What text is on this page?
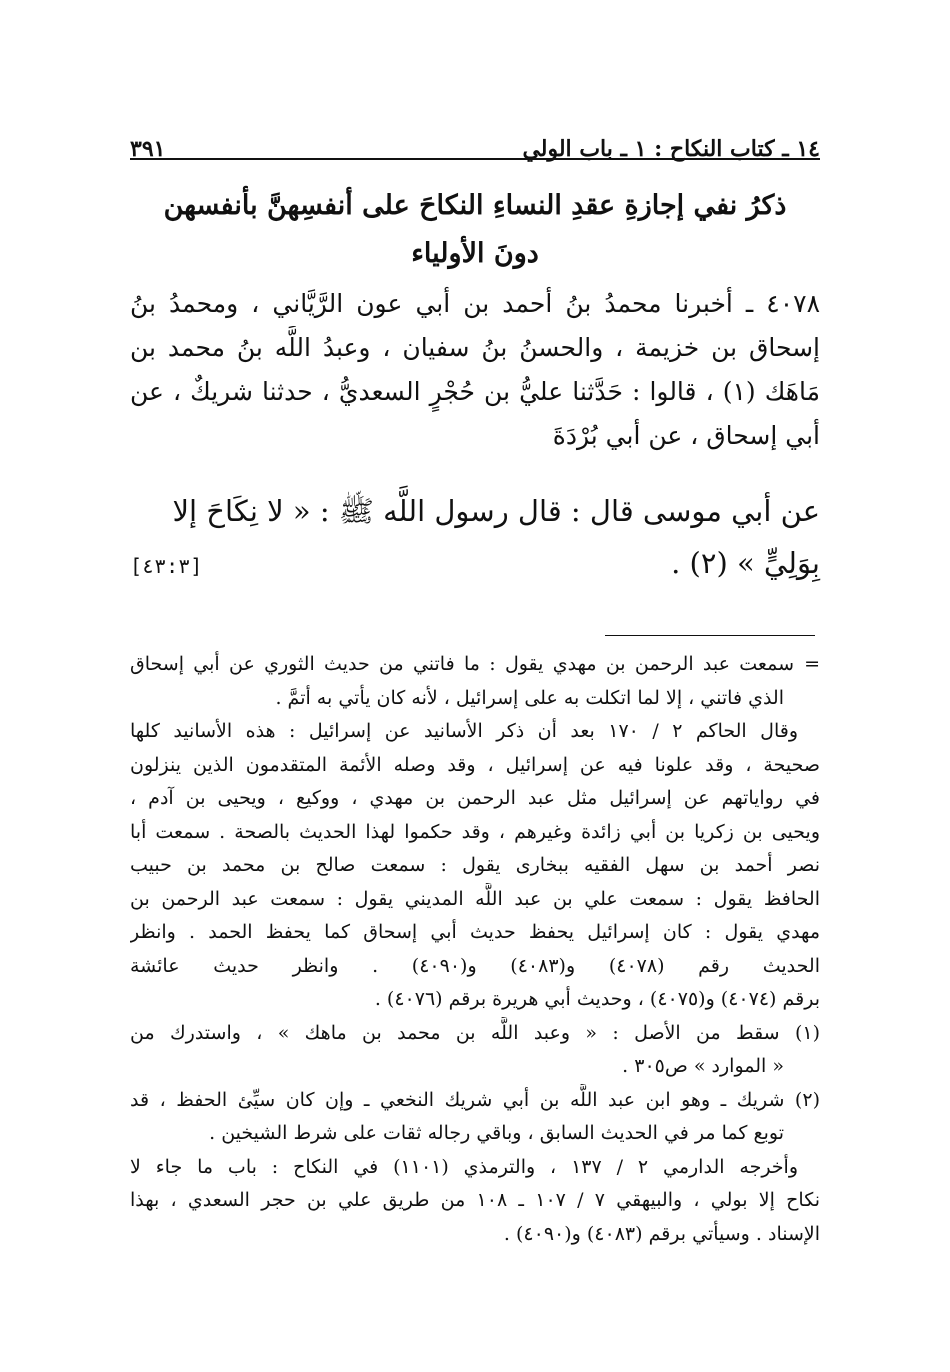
١٤ ـ كتاب النكاح : ١ ـ باب الولي
٣٩١
ذكرُ نفي إجازةِ عقدِ النساءِ النكاحَ على أنفسِهنَّ بأنفسهن
دونَ الأولياء
٤٠٧٨ ـ أخبرنا محمدُ بنُ أحمد بن أبي عون الرَّيَّاني ، ومحمدُ بنُ
إسحاق بن خزيمة ، والحسنُ بنُ سفيان ، وعبدُ اللَّه بنُ محمد بن
مَاهَك (١) ، قالوا : حَدَّثنا عليُّ بن حُجْرٍ السعديُّ ، حدثنا شريكٌ ، عن
أبي إسحاق ، عن أبي بُرْدَةَ
عن أبي موسى قال : قال رسول اللَّه ﷺ : « لا نِكَاحَ إلا
بِوَلِيٍّ » (٢) .
[٤٣:٣]
=سمعت عبد الرحمن بن مهدي يقول : ما فاتني من حديث الثوري عن أبي إسحاق
الذي فاتني ، إلا لما اتكلت به على إسرائيل ، لأنه كان يأتي به أتمَّ .
وقال الحاكم ٢ / ١٧٠ بعد أن ذكر الأسانيد عن إسرائيل : هذه الأسانيد كلها
صحيحة ، وقد علونا فيه عن إسرائيل ، وقد وصله الأئمة المتقدمون الذين ينزلون
في رواياتهم عن إسرائيل مثل عبد الرحمن بن مهدي ، ووكيع ، ويحيى بن آدم ،
ويحيى بن زكريا بن أبي زائدة وغيرهم ، وقد حكموا لهذا الحديث بالصحة . سمعت أبا
نصر أحمد بن سهل الفقيه ببخارى يقول : سمعت صالح بن محمد بن حبيب
الحافظ يقول : سمعت علي بن عبد اللَّه المديني يقول : سمعت عبد الرحمن بن
مهدي يقول : كان إسرائيل يحفظ حديث أبي إسحاق كما يحفظ الحمد . وانظر
الحديث رقم (٤٠٧٨) و(٤٠٨٣) و(٤٠٩٠) . وانظر حديث عائشة
برقم (٤٠٧٤) و(٤٠٧٥) ، وحديث أبي هريرة برقم (٤٠٧٦) .
(١) سقط من الأصل : « وعبد اللَّه بن محمد بن ماهك » ، واستدرك من
« الموارد » ص٣٠٥ .
(٢) شريك ـ وهو ابن عبد اللَّه بن أبي شريك النخعي ـ وإن كان سيِّئ الحفظ ، قد
توبع كما مر في الحديث السابق ، وباقي رجاله ثقات على شرط الشيخين .
وأخرجه الدارمي ٢ / ١٣٧ ، والترمذي (١١٠١) في النكاح : باب ما جاء لا
نكاح إلا بولي ، والبيهقي ٧ / ١٠٧ ـ ١٠٨ من طريق علي بن حجر السعدي ، بهذا
الإسناد . وسيأتي برقم (٤٠٨٣) و(٤٠٩٠) .
